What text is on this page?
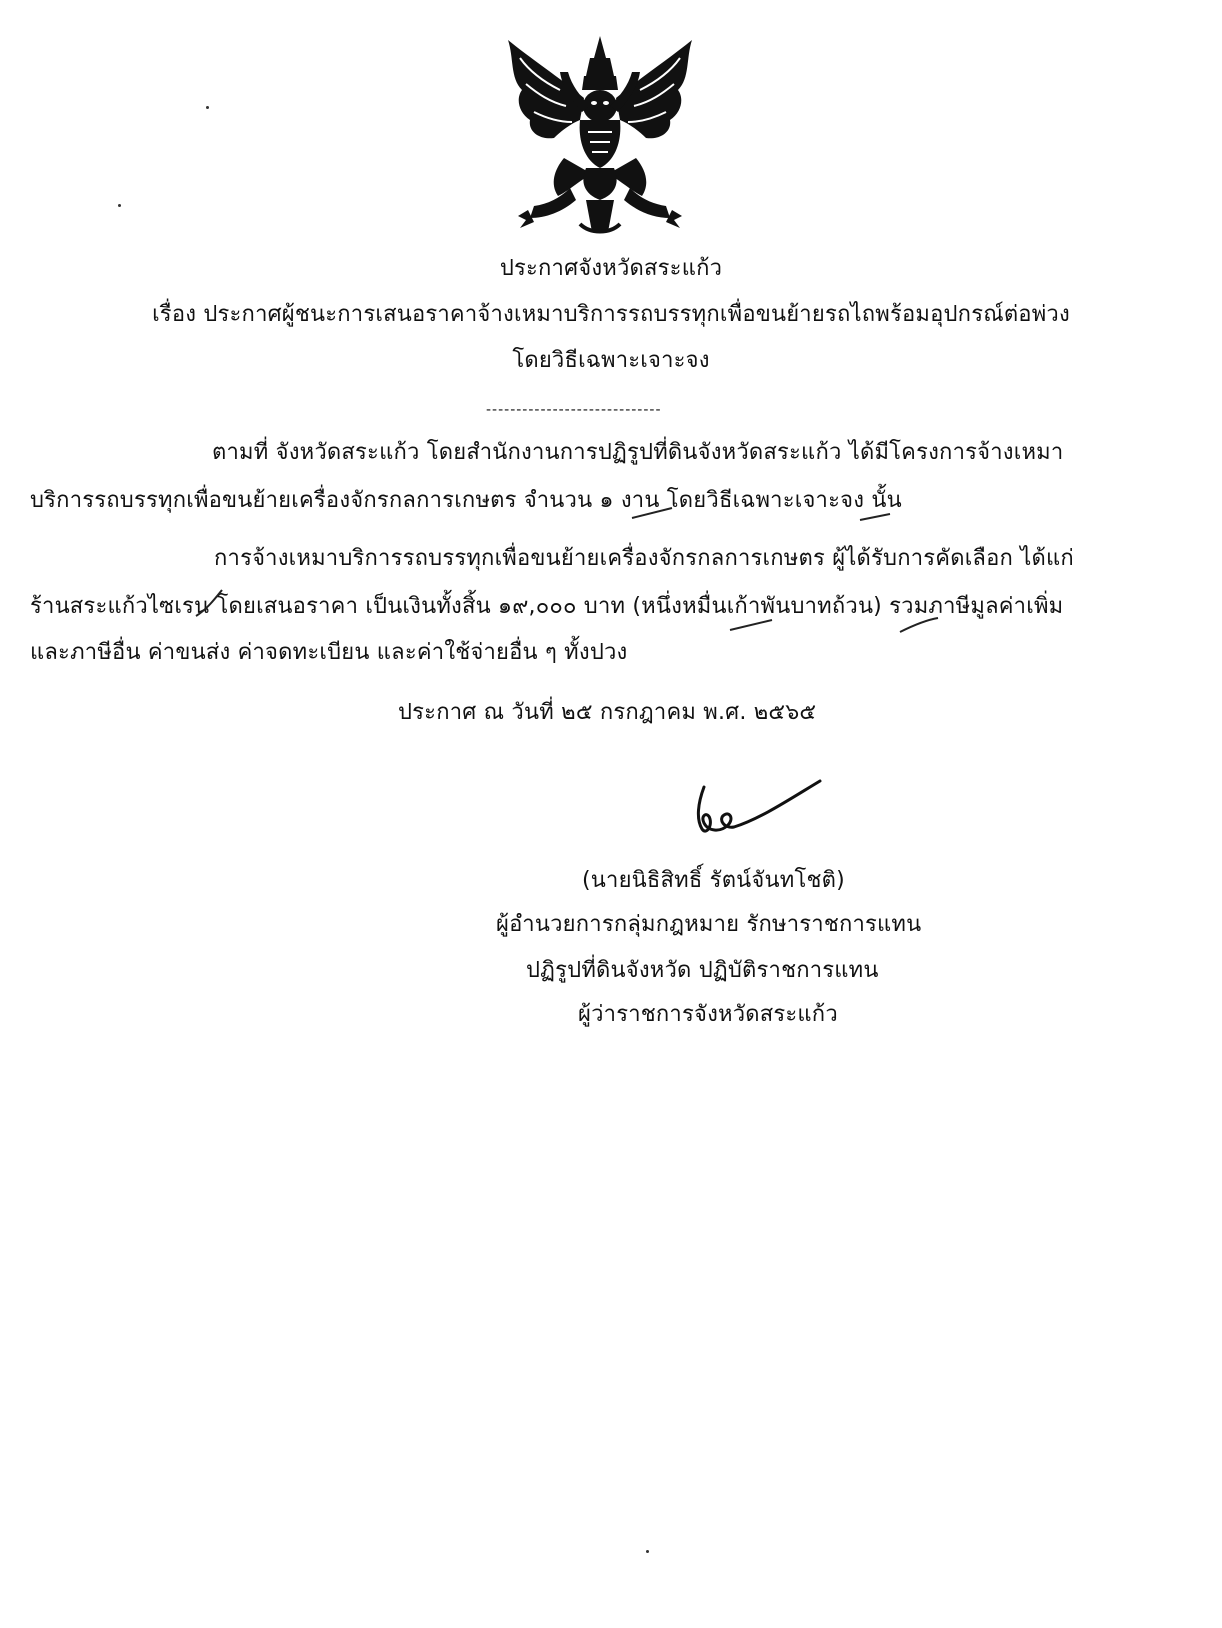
ประกาศจังหวัดสระแก้ว
เรื่อง ประกาศผู้ชนะการเสนอราคาจ้างเหมาบริการรถบรรทุกเพื่อขนย้ายรถไถพร้อมอุปกรณ์ต่อพ่วง
โดยวิธีเฉพาะเจาะจง
-----------------------------
ตามที่ จังหวัดสระแก้ว โดยสำนักงานการปฏิรูปที่ดินจังหวัดสระแก้ว ได้มีโครงการจ้างเหมา
บริการรถบรรทุกเพื่อขนย้ายเครื่องจักรกลการเกษตร จำนวน ๑ งาน โดยวิธีเฉพาะเจาะจง นั้น
การจ้างเหมาบริการรถบรรทุกเพื่อขนย้ายเครื่องจักรกลการเกษตร ผู้ได้รับการคัดเลือก ได้แก่
ร้านสระแก้วไซเรน โดยเสนอราคา เป็นเงินทั้งสิ้น ๑๙,๐๐๐ บาท (หนึ่งหมื่นเก้าพันบาทถ้วน) รวมภาษีมูลค่าเพิ่ม
และภาษีอื่น ค่าขนส่ง ค่าจดทะเบียน และค่าใช้จ่ายอื่น ๆ ทั้งปวง
ประกาศ ณ วันที่ ๒๕ กรกฎาคม พ.ศ. ๒๕๖๕
(นายนิธิสิทธิ์ รัตน์จันทโชติ)
ผู้อำนวยการกลุ่มกฎหมาย รักษาราชการแทน
ปฏิรูปที่ดินจังหวัด ปฏิบัติราชการแทน
ผู้ว่าราชการจังหวัดสระแก้ว
